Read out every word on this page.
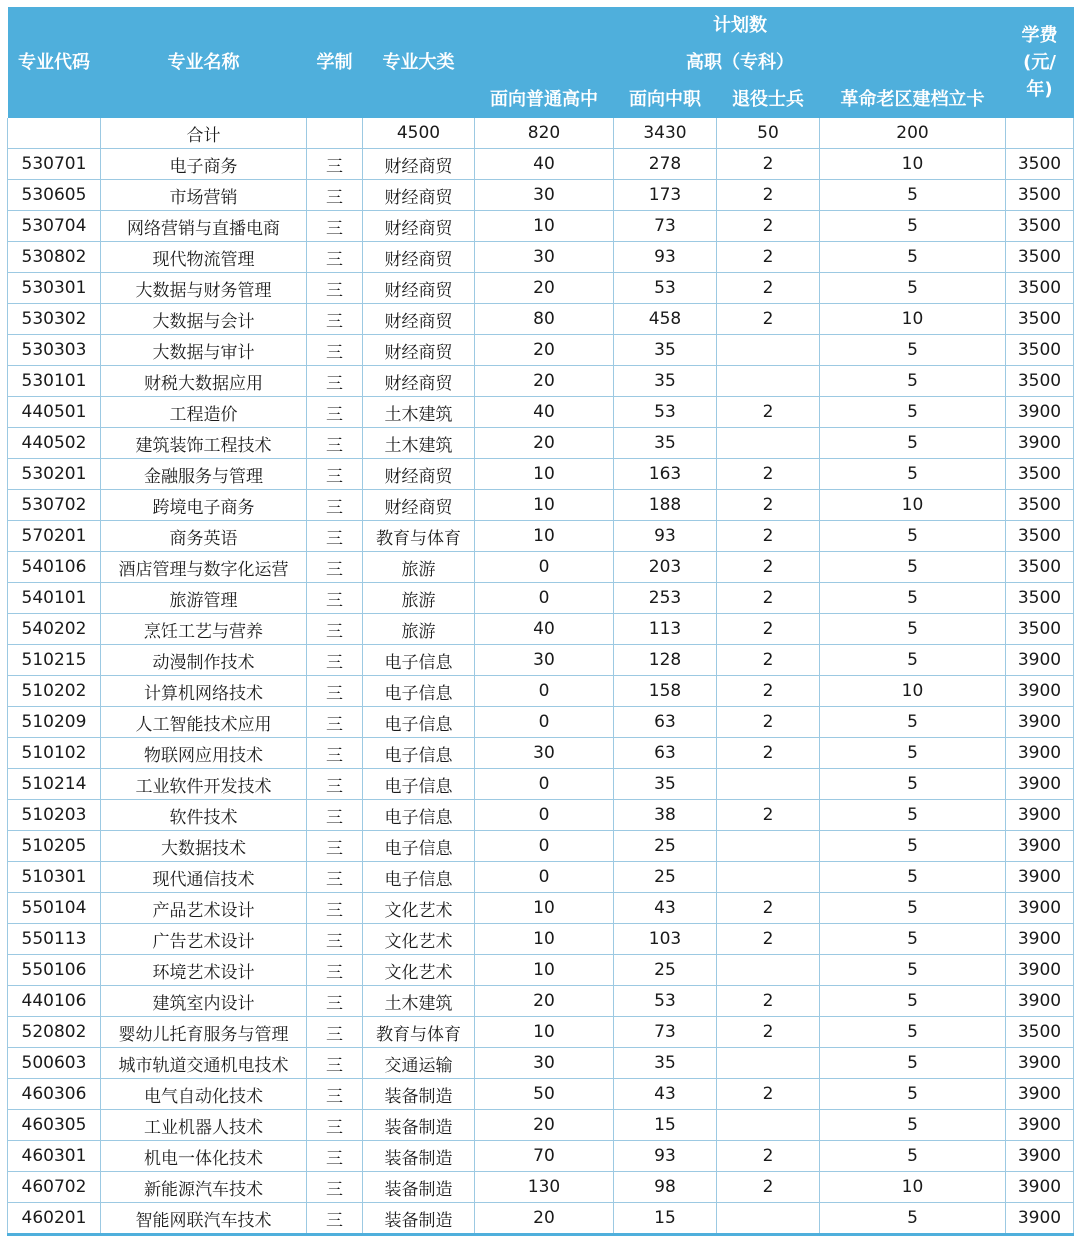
专业代码	专业名称	学制	专业大类	计划数				学费
(元/
年)
				高职（专科）				
				面向普通高中	面向中职	退役士兵	革命老区建档立卡	
	合计		4500	820	3430	50	200	
530701	电子商务	三	财经商贸	40	278	2	10	3500
530605	市场营销	三	财经商贸	30	173	2	5	3500
530704	网络营销与直播电商	三	财经商贸	10	73	2	5	3500
530802	现代物流管理	三	财经商贸	30	93	2	5	3500
530301	大数据与财务管理	三	财经商贸	20	53	2	5	3500
530302	大数据与会计	三	财经商贸	80	458	2	10	3500
530303	大数据与审计	三	财经商贸	20	35		5	3500
530101	财税大数据应用	三	财经商贸	20	35		5	3500
440501	工程造价	三	土木建筑	40	53	2	5	3900
440502	建筑装饰工程技术	三	土木建筑	20	35		5	3900
530201	金融服务与管理	三	财经商贸	10	163	2	5	3500
530702	跨境电子商务	三	财经商贸	10	188	2	10	3500
570201	商务英语	三	教育与体育	10	93	2	5	3500
540106	酒店管理与数字化运营	三	旅游	0	203	2	5	3500
540101	旅游管理	三	旅游	0	253	2	5	3500
540202	烹饪工艺与营养	三	旅游	40	113	2	5	3500
510215	动漫制作技术	三	电子信息	30	128	2	5	3900
510202	计算机网络技术	三	电子信息	0	158	2	10	3900
510209	人工智能技术应用	三	电子信息	0	63	2	5	3900
510102	物联网应用技术	三	电子信息	30	63	2	5	3900
510214	工业软件开发技术	三	电子信息	0	35		5	3900
510203	软件技术	三	电子信息	0	38	2	5	3900
510205	大数据技术	三	电子信息	0	25		5	3900
510301	现代通信技术	三	电子信息	0	25		5	3900
550104	产品艺术设计	三	文化艺术	10	43	2	5	3900
550113	广告艺术设计	三	文化艺术	10	103	2	5	3900
550106	环境艺术设计	三	文化艺术	10	25		5	3900
440106	建筑室内设计	三	土木建筑	20	53	2	5	3900
520802	婴幼儿托育服务与管理	三	教育与体育	10	73	2	5	3500
500603	城市轨道交通机电技术	三	交通运输	30	35		5	3900
460306	电气自动化技术	三	装备制造	50	43	2	5	3900
460305	工业机器人技术	三	装备制造	20	15		5	3900
460301	机电一体化技术	三	装备制造	70	93	2	5	3900
460702	新能源汽车技术	三	装备制造	130	98	2	10	3900
460201	智能网联汽车技术	三	装备制造	20	15		5	3900
